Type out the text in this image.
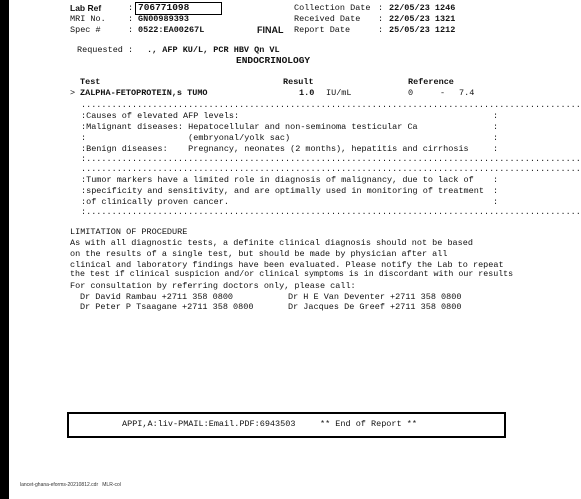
Lab Ref	: 706771098
MRI No.	: GN00989393
Spec #	: 0522:EA00267L
Collection Date : 22/05/23 1246
Received Date : 22/05/23 1321
FINAL Report Date	: 25/05/23 1212
Requested : ., AFP KU/L, PCR HBV Qn VL
ENDOCRINOLOGY
Test	Result	Reference
> ZALPHA-FETOPROTEIN,s TUMO	1.0 IU/mL	0	- 7.4
..................................................................................................
:Causes of elevated AFP levels:
:Malignant diseases: Hepatocellular and non-seminoma testicular Ca
:                    (embryonal/yolk sac)
:Benign diseases:    Pregnancy, neonates (2 months), hepatitis and cirrhosis
:.................................................................................................
:
:
:
:
..................................................................................................
:Tumor markers have a limited role in diagnosis of malignancy, due to lack of
:specificity and sensitivity, and are optimally used in monitoring of treatment
:of clinically proven cancer.
:.................................................................................................
:
:
:
LIMITATION OF PROCEDURE
As with all diagnostic tests, a definite clinical diagnosis should not be based
on the results of a single test, but should be made by physician after all
clinical and laboratory findings have been evaluated. Please notify the Lab to repeat
the test if clinical suspicion and/or clinical symptoms is in discordant with our results
For consultation by referring doctors only, please call:
Dr David Rambau +2711 358 0800	Dr H E Van Deventer +2711 358 0800
Dr Peter P Tsaagane +2711 358 0800	Dr Jacques De Greef +2711 358 0800
APPI,A:liv-PMAIL:Email.PDF:6943503	** End of Report **
lancet-ghana-eforms-20210812.cdr   MLR-col
